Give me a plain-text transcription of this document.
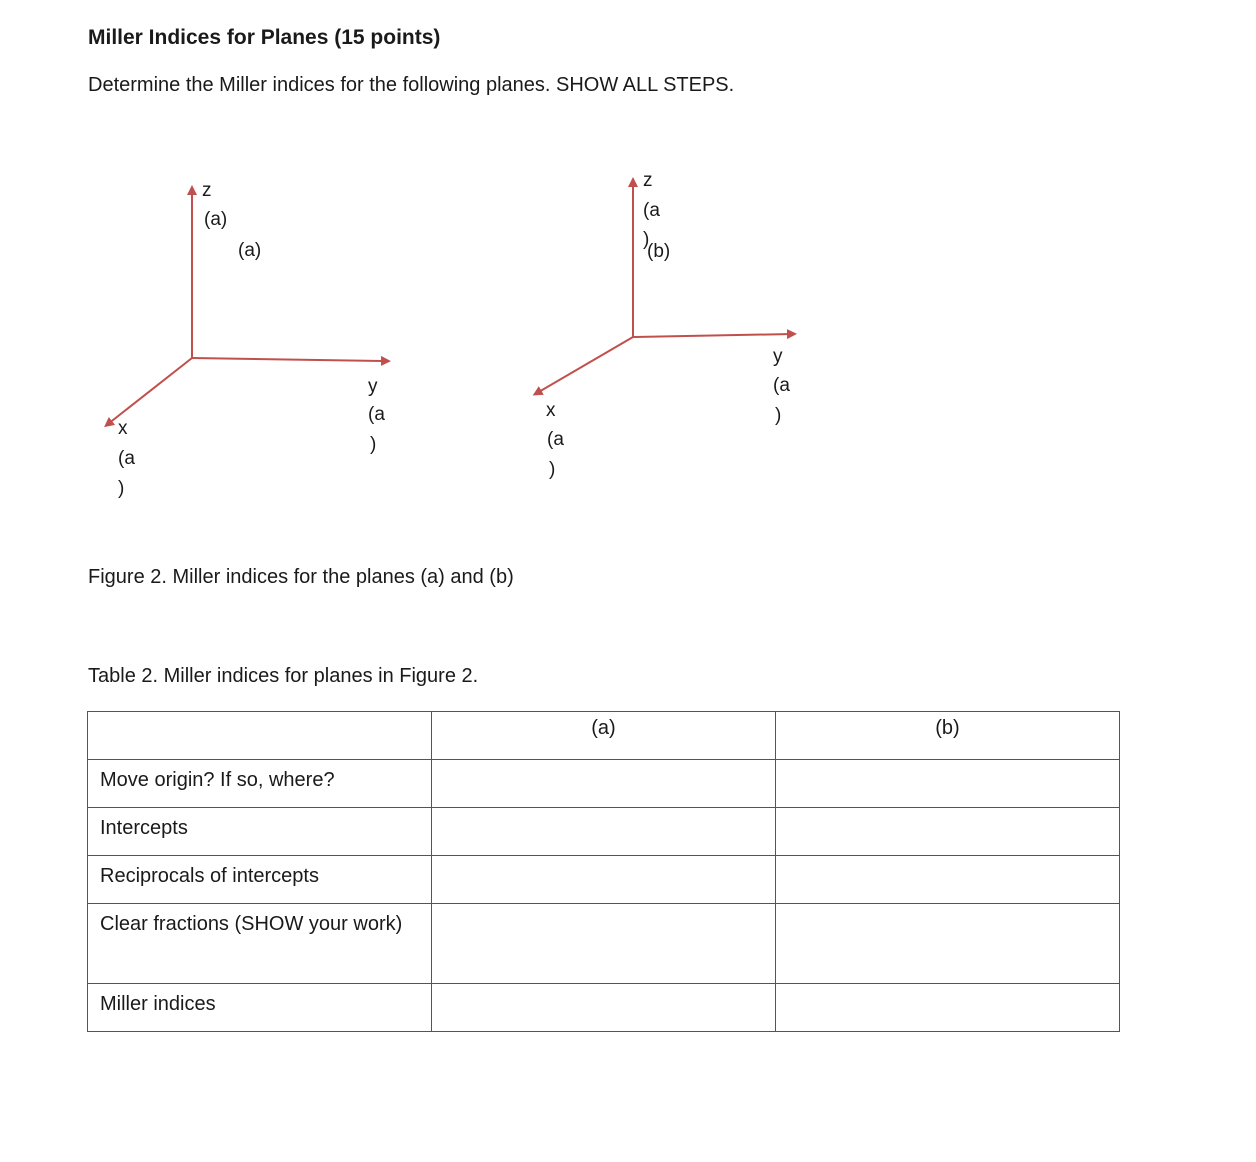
Miller Indices for Planes (15 points)

Determine the Miller indices for the following planes. SHOW ALL STEPS.

z
(a)
(a)
y
(a
)
x
(a
)
z
(a
)
(b)
y
(a
)
x
(a
)

Figure 2. Miller indices for the planes (a) and (b)

Table 2. Miller indices for planes in Figure 2.

	(a)	(b)
Move origin? If so, where?		
Intercepts		
Reciprocals of intercepts		
Clear fractions (SHOW your work)		
Miller indices		
